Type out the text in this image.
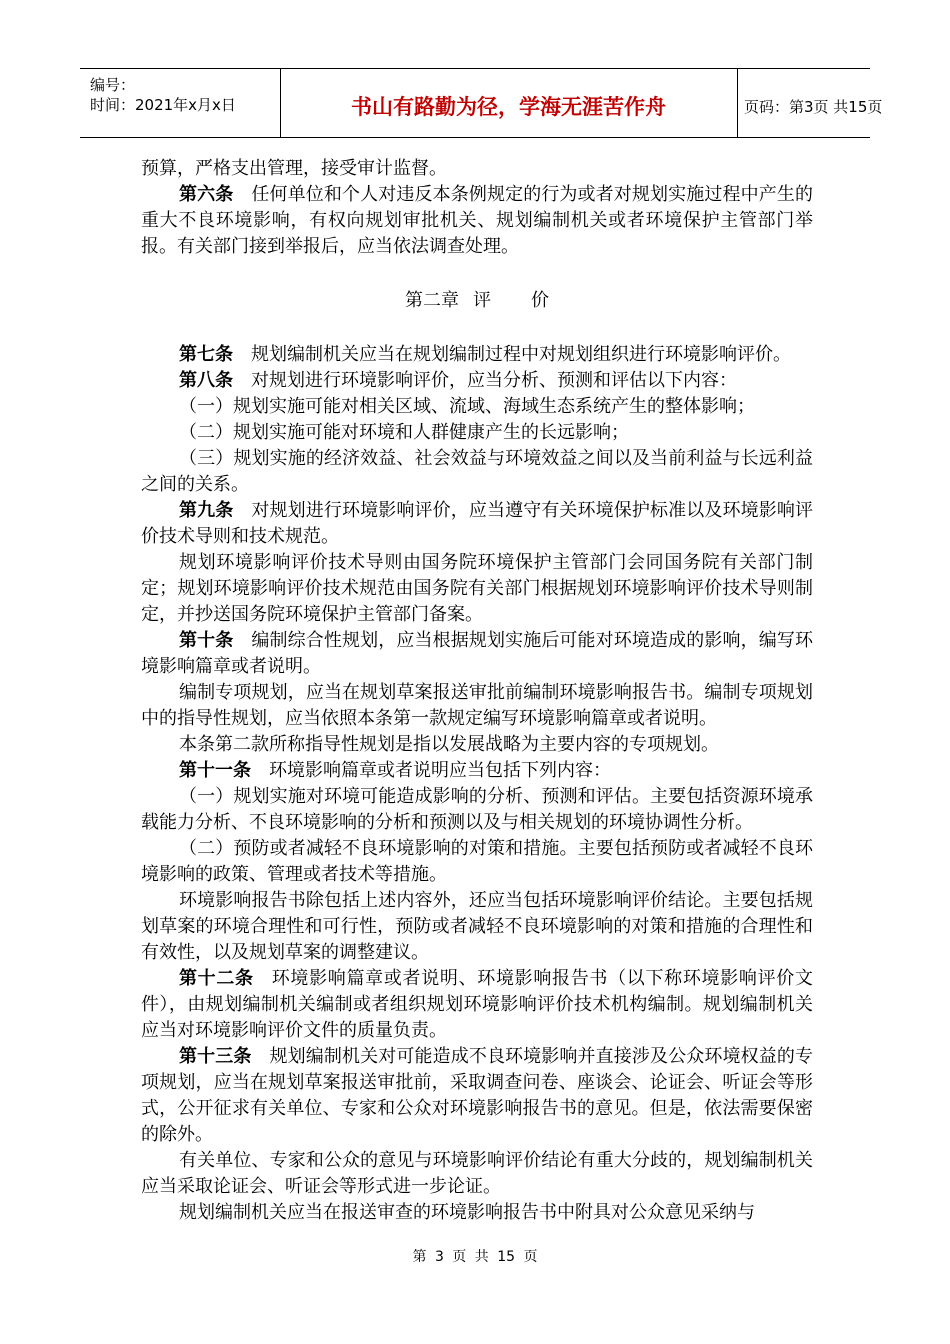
编号：
时间：2021年x月x日	书山有路勤为径，学海无涯苦作舟	页码：第3页 共15页

预算，严格支出管理，接受审计监督。

第六条 任何单位和个人对违反本条例规定的行为或者对规划实施过程中产生的重大不良环境影响，有权向规划审批机关、规划编制机关或者环境保护主管部门举报。有关部门接到举报后，应当依法调查处理。

第二章 评 价

第七条 规划编制机关应当在规划编制过程中对规划组织进行环境影响评价。

第八条 对规划进行环境影响评价，应当分析、预测和评估以下内容：

（一）规划实施可能对相关区域、流域、海域生态系统产生的整体影响；

（二）规划实施可能对环境和人群健康产生的长远影响；

（三）规划实施的经济效益、社会效益与环境效益之间以及当前利益与长远利益之间的关系。

第九条 对规划进行环境影响评价，应当遵守有关环境保护标准以及环境影响评价技术导则和技术规范。

规划环境影响评价技术导则由国务院环境保护主管部门会同国务院有关部门制定；规划环境影响评价技术规范由国务院有关部门根据规划环境影响评价技术导则制定，并抄送国务院环境保护主管部门备案。

第十条 编制综合性规划，应当根据规划实施后可能对环境造成的影响，编写环境影响篇章或者说明。

编制专项规划，应当在规划草案报送审批前编制环境影响报告书。编制专项规划中的指导性规划，应当依照本条第一款规定编写环境影响篇章或者说明。

本条第二款所称指导性规划是指以发展战略为主要内容的专项规划。

第十一条 环境影响篇章或者说明应当包括下列内容：

（一）规划实施对环境可能造成影响的分析、预测和评估。主要包括资源环境承载能力分析、不良环境影响的分析和预测以及与相关规划的环境协调性分析。

（二）预防或者减轻不良环境影响的对策和措施。主要包括预防或者减轻不良环境影响的政策、管理或者技术等措施。

环境影响报告书除包括上述内容外，还应当包括环境影响评价结论。主要包括规划草案的环境合理性和可行性，预防或者减轻不良环境影响的对策和措施的合理性和有效性，以及规划草案的调整建议。

第十二条 环境影响篇章或者说明、环境影响报告书（以下称环境影响评价文件），由规划编制机关编制或者组织规划环境影响评价技术机构编制。规划编制机关应当对环境影响评价文件的质量负责。

第十三条 规划编制机关对可能造成不良环境影响并直接涉及公众环境权益的专项规划，应当在规划草案报送审批前，采取调查问卷、座谈会、论证会、听证会等形式，公开征求有关单位、专家和公众对环境影响报告书的意见。但是，依法需要保密的除外。

有关单位、专家和公众的意见与环境影响评价结论有重大分歧的，规划编制机关应当采取论证会、听证会等形式进一步论证。

规划编制机关应当在报送审查的环境影响报告书中附具对公众意见采纳与

第 3 页 共 15 页
